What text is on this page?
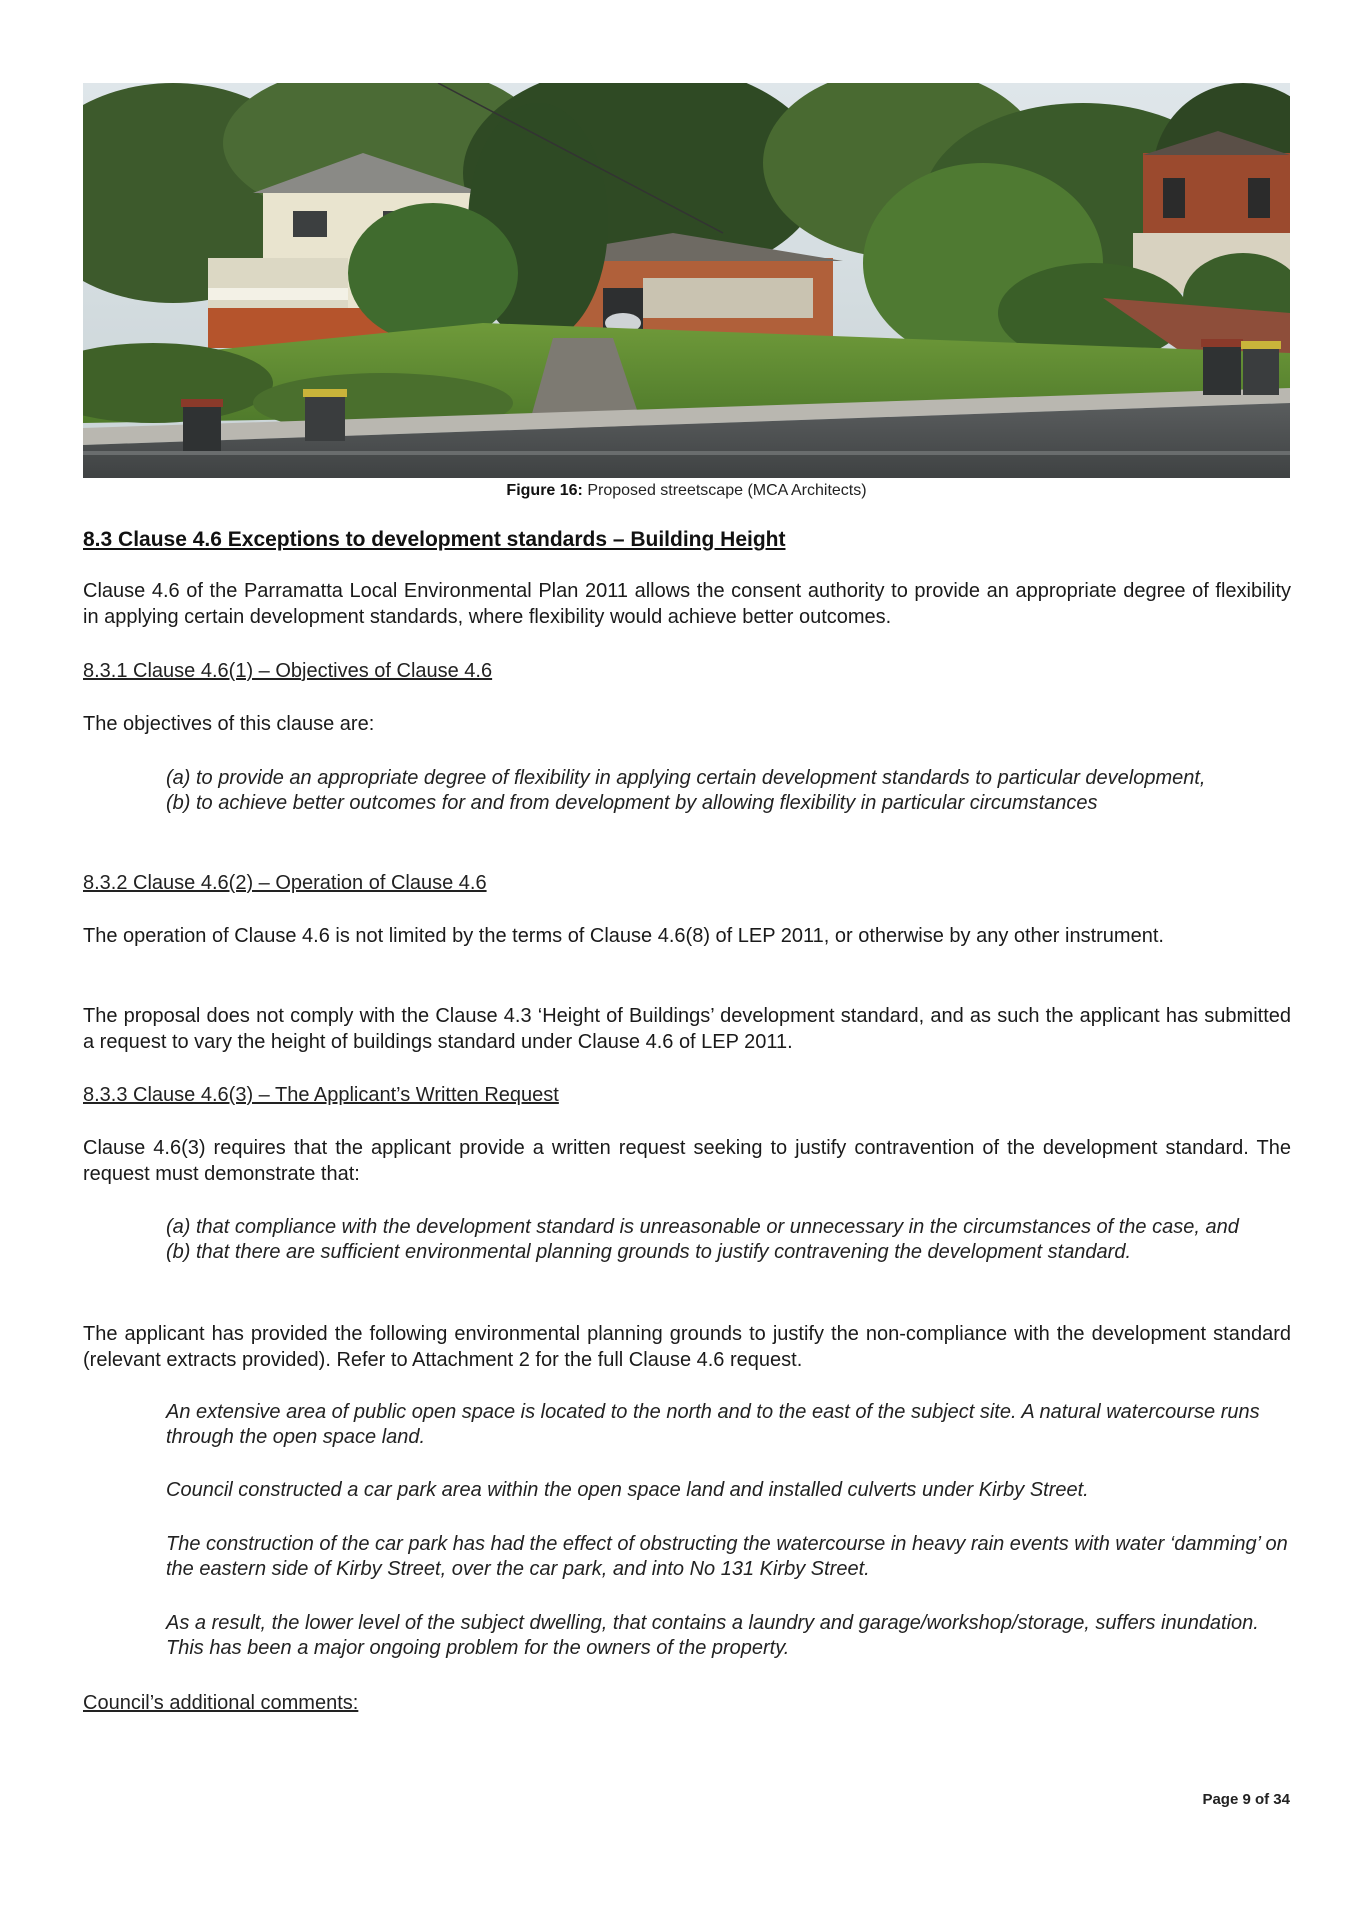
Figure 16: Proposed streetscape (MCA Architects)
8.3 Clause 4.6 Exceptions to development standards – Building Height
Clause 4.6 of the Parramatta Local Environmental Plan 2011 allows the consent authority to provide an appropriate degree of flexibility in applying certain development standards, where flexibility would achieve better outcomes.
8.3.1 Clause 4.6(1) – Objectives of Clause 4.6
The objectives of this clause are:
(a) to provide an appropriate degree of flexibility in applying certain development standards to particular development,
(b) to achieve better outcomes for and from development by allowing flexibility in particular circumstances
8.3.2 Clause 4.6(2) – Operation of Clause 4.6
The operation of Clause 4.6 is not limited by the terms of Clause 4.6(8) of LEP 2011, or otherwise by any other instrument.
The proposal does not comply with the Clause 4.3 ‘Height of Buildings’ development standard, and as such the applicant has submitted a request to vary the height of buildings standard under Clause 4.6 of LEP 2011.
8.3.3 Clause 4.6(3) – The Applicant’s Written Request
Clause 4.6(3) requires that the applicant provide a written request seeking to justify contravention of the development standard. The request must demonstrate that:
(a) that compliance with the development standard is unreasonable or unnecessary in the circumstances of the case, and
(b) that there are sufficient environmental planning grounds to justify contravening the development standard.
The applicant has provided the following environmental planning grounds to justify the non-compliance with the development standard (relevant extracts provided). Refer to Attachment 2 for the full Clause 4.6 request.
An extensive area of public open space is located to the north and to the east of the subject site. A natural watercourse runs through the open space land.
Council constructed a car park area within the open space land and installed culverts under Kirby Street.
The construction of the car park has had the effect of obstructing the watercourse in heavy rain events with water ‘damming’ on the eastern side of Kirby Street, over the car park, and into No 131 Kirby Street.
As a result, the lower level of the subject dwelling, that contains a laundry and garage/workshop/storage, suffers inundation. This has been a major ongoing problem for the owners of the property.
Council’s additional comments:
Page 9 of 34
